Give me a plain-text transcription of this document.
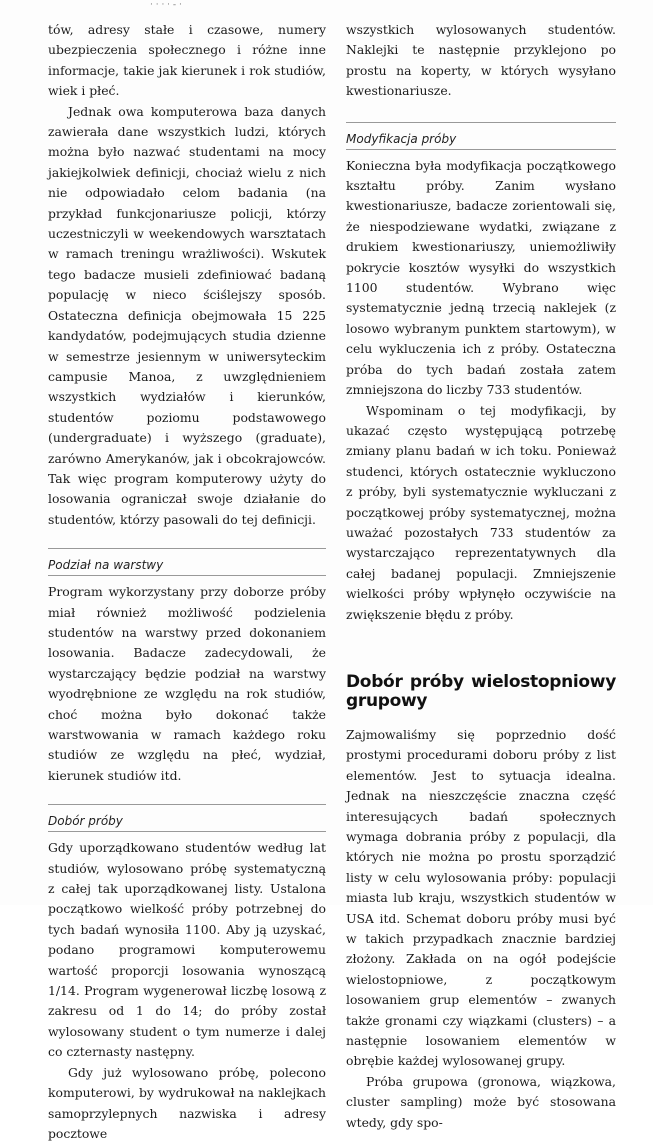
· · · · - ·

tów, adresy stałe i czasowe, numery ubezpieczenia społecznego i różne inne informacje, takie jak kierunek i rok studiów, wiek i płeć.

Jednak owa komputerowa baza danych zawierała dane wszystkich ludzi, których można było nazwać studentami na mocy jakiejkolwiek definicji, chociaż wielu z nich nie odpowiadało celom badania (na przykład funkcjonariusze policji, którzy uczestniczyli w weekendowych warsztatach w ramach treningu wrażliwości). Wskutek tego badacze musieli zdefiniować badaną populację w nieco ściślejszy sposób. Ostateczna definicja obejmowała 15 225 kandydatów, podejmujących studia dzienne w semestrze jesiennym w uniwersyteckim campusie Manoa, z uwzględnieniem wszystkich wydziałów i kierunków, studentów poziomu podstawowego (undergraduate) i wyższego (graduate), zarówno Amerykanów, jak i obcokrajowców. Tak więc program komputerowy użyty do losowania ograniczał swoje działanie do studentów, którzy pasowali do tej definicji.

Podział na warstwy

Program wykorzystany przy doborze próby miał również możliwość podzielenia studentów na warstwy przed dokonaniem losowania. Badacze zadecydowali, że wystarczający będzie podział na warstwy wyodrębnione ze względu na rok studiów, choć można było dokonać także warstwowania w ramach każdego roku studiów ze względu na płeć, wydział, kierunek studiów itd.

Dobór próby

Gdy uporządkowano studentów według lat studiów, wylosowano próbę systematyczną z całej tak uporządkowanej listy. Ustalona początkowo wielkość próby potrzebnej do tych badań wynosiła 1100. Aby ją uzyskać, podano programowi komputerowemu wartość proporcji losowania wynoszącą 1/14. Program wygenerował liczbę losową z zakresu od 1 do 14; do próby został wylosowany student o tym numerze i dalej co czternasty następny.

Gdy już wylosowano próbę, polecono komputerowi, by wydrukował na naklejkach samoprzylepnych nazwiska i adresy pocztowe

wszystkich wylosowanych studentów. Naklejki te następnie przyklejono po prostu na koperty, w których wysyłano kwestionariusze.

Modyfikacja próby

Konieczna była modyfikacja początkowego kształtu próby. Zanim wysłano kwestionariusze, badacze zorientowali się, że niespodziewane wydatki, związane z drukiem kwestionariuszy, uniemożliwiły pokrycie kosztów wysyłki do wszystkich 1100 studentów. Wybrano więc systematycznie jedną trzecią naklejek (z losowo wybranym punktem startowym), w celu wykluczenia ich z próby. Ostateczna próba do tych badań została zatem zmniejszona do liczby 733 studentów.

Wspominam o tej modyfikacji, by ukazać często występującą potrzebę zmiany planu badań w ich toku. Ponieważ studenci, których ostatecznie wykluczono z próby, byli systematycznie wykluczani z początkowej próby systematycznej, można uważać pozostałych 733 studentów za wystarczająco reprezentatywnych dla całej badanej populacji. Zmniejszenie wielkości próby wpłynęło oczywiście na zwiększenie błędu z próby.

Dobór próby wielostopniowy grupowy

Zajmowaliśmy się poprzednio dość prostymi procedurami doboru próby z list elementów. Jest to sytuacja idealna. Jednak na nieszczęście znaczna część interesujących badań społecznych wymaga dobrania próby z populacji, dla których nie można po prostu sporządzić listy w celu wylosowania próby: populacji miasta lub kraju, wszystkich studentów w USA itd. Schemat doboru próby musi być w takich przypadkach znacznie bardziej złożony. Zakłada on na ogół podejście wielostopniowe, z początkowym losowaniem grup elementów – zwanych także gronami czy wiązkami (clusters) – a następnie losowaniem elementów w obrębie każdej wylosowanej grupy.

Próba grupowa (gronowa, wiązkowa, cluster sampling) może być stosowana wtedy, gdy spo-
